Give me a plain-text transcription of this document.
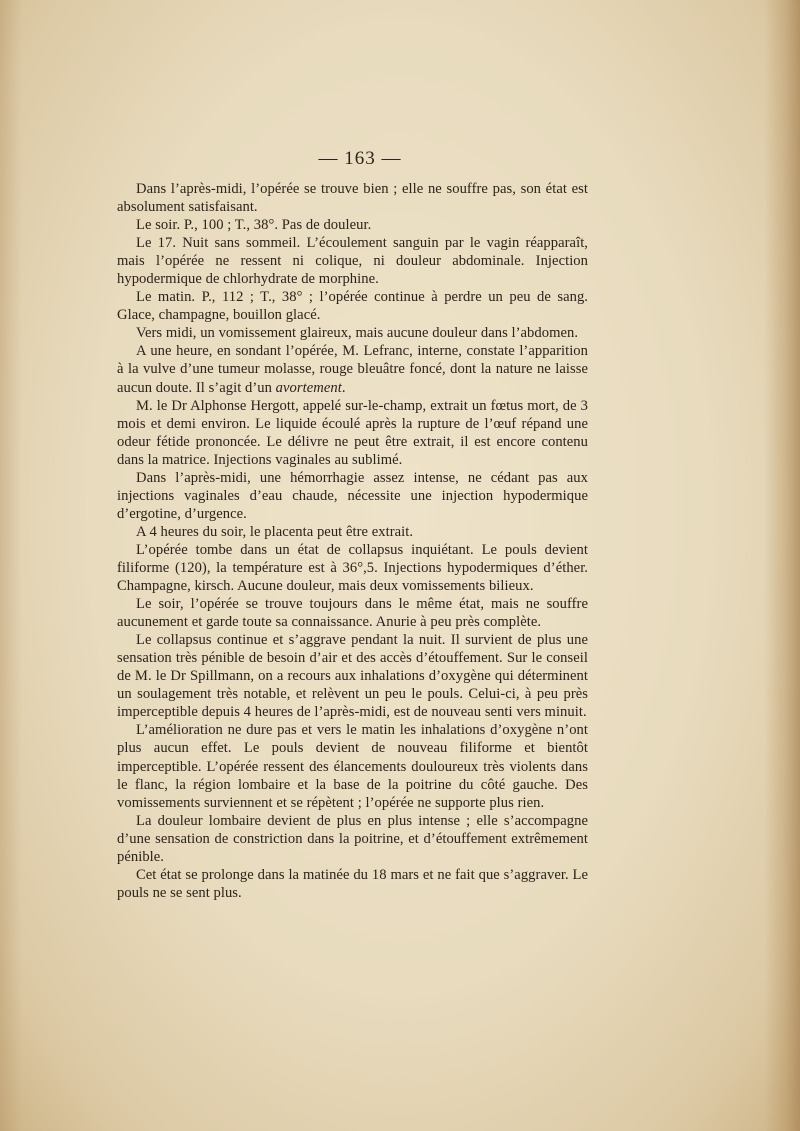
— 163 —

Dans l’après-midi, l’opérée se trouve bien ; elle ne souffre pas, son état est absolument satisfaisant.

Le soir. P., 100 ; T., 38°. Pas de douleur.

Le 17. Nuit sans sommeil. L’écoulement sanguin par le vagin réapparaît, mais l’opérée ne ressent ni colique, ni douleur abdominale. Injection hypodermique de chlorhydrate de morphine.

Le matin. P., 112 ; T., 38° ; l’opérée continue à perdre un peu de sang. Glace, champagne, bouillon glacé.

Vers midi, un vomissement glaireux, mais aucune douleur dans l’abdomen.

A une heure, en sondant l’opérée, M. Lefranc, interne, constate l’apparition à la vulve d’une tumeur molasse, rouge bleuâtre foncé, dont la nature ne laisse aucun doute. Il s’agit d’un avortement.

M. le Dr Alphonse Hergott, appelé sur-le-champ, extrait un fœtus mort, de 3 mois et demi environ. Le liquide écoulé après la rupture de l’œuf répand une odeur fétide prononcée. Le délivre ne peut être extrait, il est encore contenu dans la matrice. Injections vaginales au sublimé.

Dans l’après-midi, une hémorrhagie assez intense, ne cédant pas aux injections vaginales d’eau chaude, nécessite une injection hypodermique d’ergotine, d’urgence.

A 4 heures du soir, le placenta peut être extrait.

L’opérée tombe dans un état de collapsus inquiétant. Le pouls devient filiforme (120), la température est à 36°,5. Injections hypodermiques d’éther. Champagne, kirsch. Aucune douleur, mais deux vomissements bilieux.

Le soir, l’opérée se trouve toujours dans le même état, mais ne souffre aucunement et garde toute sa connaissance. Anurie à peu près complète.

Le collapsus continue et s’aggrave pendant la nuit. Il survient de plus une sensation très pénible de besoin d’air et des accès d’étouffement. Sur le conseil de M. le Dr Spillmann, on a recours aux inhalations d’oxygène qui déterminent un soulagement très notable, et relèvent un peu le pouls. Celui-ci, à peu près imperceptible depuis 4 heures de l’après-midi, est de nouveau senti vers minuit.

L’amélioration ne dure pas et vers le matin les inhalations d’oxygène n’ont plus aucun effet. Le pouls devient de nouveau filiforme et bientôt imperceptible. L’opérée ressent des élancements douloureux très violents dans le flanc, la région lombaire et la base de la poitrine du côté gauche. Des vomissements surviennent et se répètent ; l’opérée ne supporte plus rien.

La douleur lombaire devient de plus en plus intense ; elle s’accompagne d’une sensation de constriction dans la poitrine, et d’étouffement extrêmement pénible.

Cet état se prolonge dans la matinée du 18 mars et ne fait que s’aggraver. Le pouls ne se sent plus.
